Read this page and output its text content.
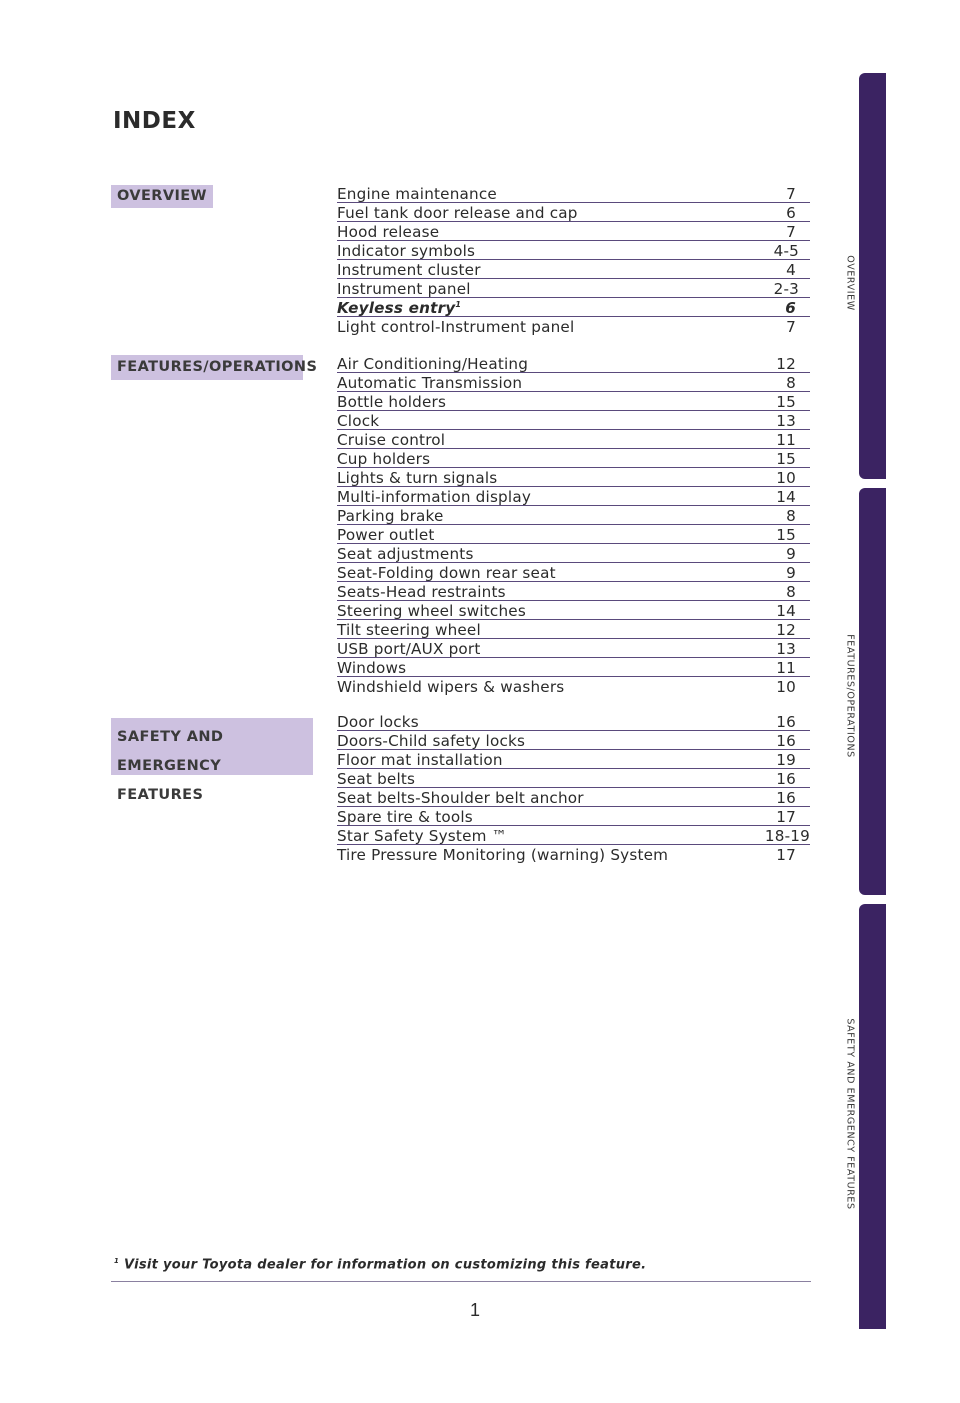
INDEX
OVERVIEW	Engine maintenance	7
Fuel tank door release and cap	6
Hood release	7
Indicator symbols	4-5
Instrument cluster	4
Instrument panel	2-3
Keyless entry$^1$	6
Light control-Instrument panel	7
FEATURES/OPERATIONS Air Conditioning/Heating	12
Automatic Transmission	8
Bottle holders	15
Clock	13
Cruise control	11
Cup holders	15
Lights & turn signals	10
Multi-information display	14
Parking brake	8
Power outlet	15
Seat adjustments	9
Seat-Folding down rear seat	9
Seats-Head restraints	8
Steering wheel switches	14
Tilt steering wheel	12
USB port/AUX port	13
Windows	11
Windshield wipers & washers	10
SAFETY AND
EMERGENCY FEATURES
Door locks	16
Doors-Child safety locks	16
Floor mat installation	19
Seat belts	16
Seat belts-Shoulder belt anchor	16
Spare tire & tools	17
Star Safety System ™	18-19
Tire Pressure Monitoring (warning) System	17
$^1$ Visit your Toyota dealer for information on customizing this feature.
1
OVERVIEW
FEATURES/OPERATIONS
SAFETY AND EMERGENCY FEATURES
